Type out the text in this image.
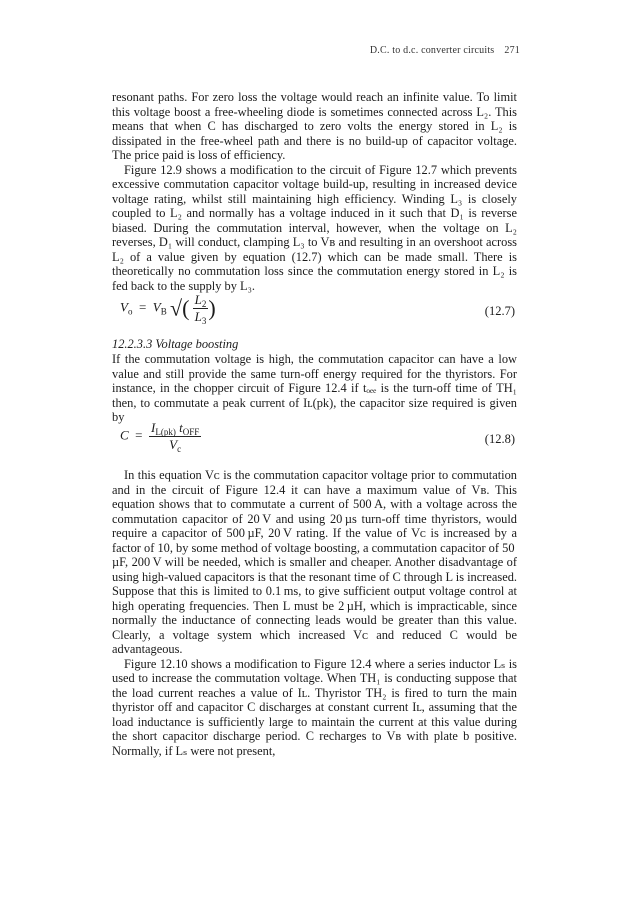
D.C. to d.c. converter circuits 271

resonant paths. For zero loss the voltage would reach an infinite value. To limit this voltage boost a free-wheeling diode is sometimes connected across L₂. This means that when C has discharged to zero volts the energy stored in L₂ is dissipated in the free-wheel path and there is no build-up of capacitor voltage. The price paid is loss of efficiency.

Figure 12.9 shows a modification to the circuit of Figure 12.7 which prevents excessive commutation capacitor voltage build-up, resulting in increased device voltage rating, whilst still maintaining high efficiency. Winding L₃ is closely coupled to L₂ and normally has a voltage induced in it such that D₁ is reverse biased. During the commutation interval, however, when the voltage on L₂ reverses, D₁ will conduct, clamping L₃ to Vʙ and resulting in an overshoot across L₂ of a value given by equation (12.7) which can be made small. There is theoretically no commutation loss since the commutation energy stored in L₂ is fed back to the supply by L₃.

$V_o = V_B$ √( $\frac{L_2}{L_3}$ )	(12.7)
12.2.3.3 Voltage boosting

If the commutation voltage is high, the commutation capacitor can have a low value and still provide the same turn-off energy required for the thyristors. For instance, in the chopper circuit of Figure 12.4 if tₒₑₑ is the turn-off time of TH₁ then, to commutate a peak current of Iʟ(pk), the capacitor size required is given by

$C = \frac{I_{L(pk)} t_{OFF}}{V_c}$	(12.8)

In this equation Vᴄ is the commutation capacitor voltage prior to commutation and in the circuit of Figure 12.4 it can have a maximum value of Vʙ. This equation shows that to commutate a current of 500 A, with a voltage across the commutation capacitor of 20 V and using 20 µs turn-off time thyristors, would require a capacitor of 500 µF, 20 V rating. If the value of Vᴄ is increased by a factor of 10, by some method of voltage boosting, a commutation capacitor of 50 µF, 200 V will be needed, which is smaller and cheaper. Another disadvantage of using high-valued capacitors is that the resonant time of C through L is increased. Suppose that this is limited to 0.1 ms, to give sufficient output voltage control at high operating frequencies. Then L must be 2 µH, which is impracticable, since normally the inductance of connecting leads would be greater than this value. Clearly, a voltage system which increased Vᴄ and reduced C would be advantageous.

Figure 12.10 shows a modification to Figure 12.4 where a series inductor Lₛ is used to increase the commutation voltage. When TH₁ is conducting suppose that the load current reaches a value of Iʟ. Thyristor TH₂ is fired to turn the main thyristor off and capacitor C discharges at constant current Iʟ, assuming that the load inductance is sufficiently large to maintain the current at this value during the short capacitor discharge period. C recharges to Vʙ with plate b positive. Normally, if Lₛ were not present,
